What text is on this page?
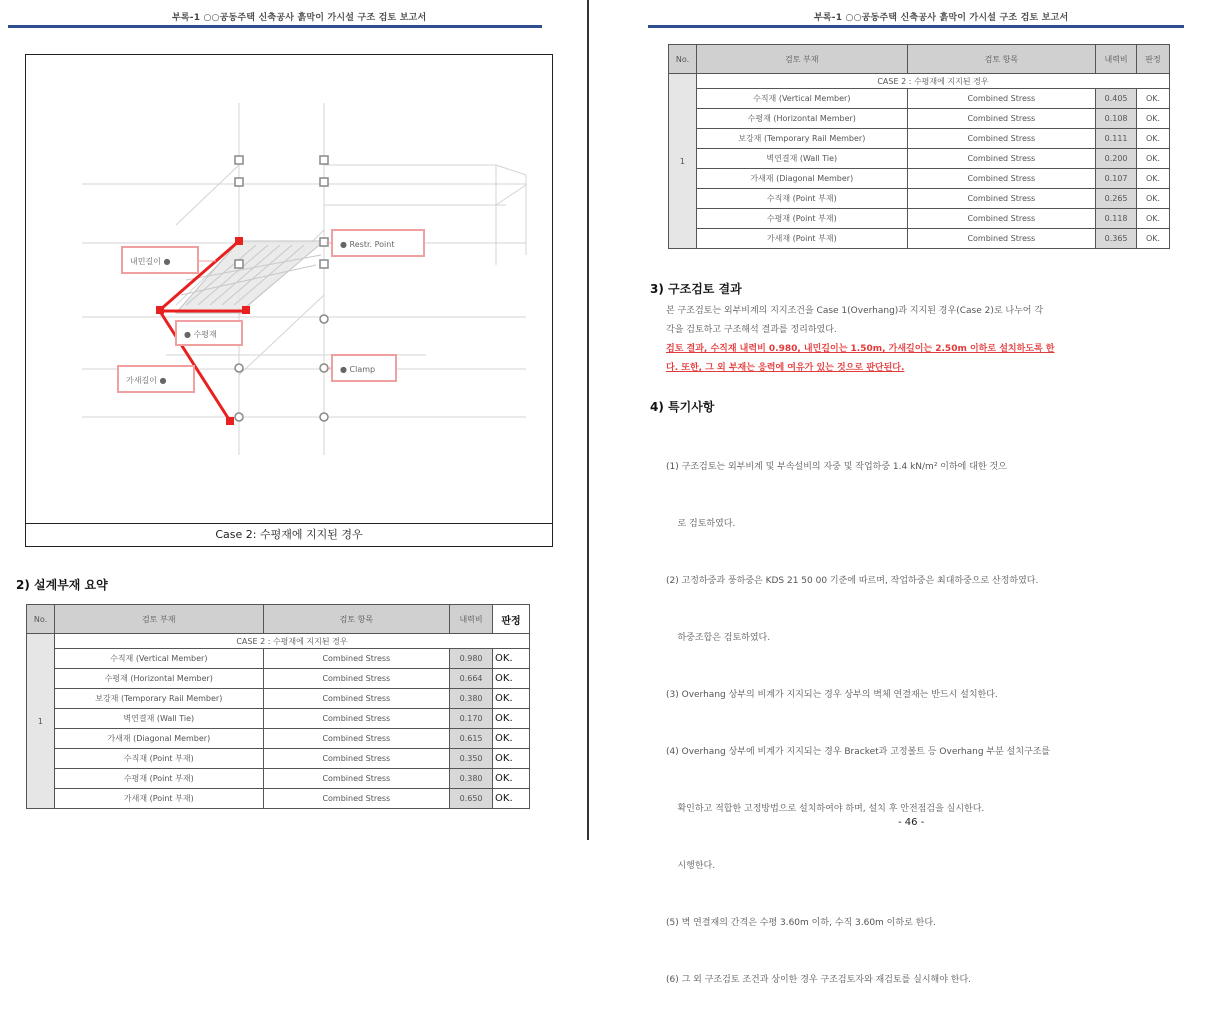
부록-1 ○○공동주택 신축공사 흙막이 가시설 구조 검토 보고서
내민길이 ●
● 수평재
가새길이 ●
● Restr. Point
● Clamp
Case 2: 수평재에 지지된 경우
2) 설계부재 요약
No.	검토 부재	검토 항목	내력비	판정
1	CASE 2 : 수평재에 지지된 경우			
	수직재 (Vertical Member)	Combined Stress	0.980	OK.
	수평재 (Horizontal Member)	Combined Stress	0.664	OK.
	보강재 (Temporary Rail Member)	Combined Stress	0.380	OK.
	벽연결재 (Wall Tie)	Combined Stress	0.170	OK.
	가새재 (Diagonal Member)	Combined Stress	0.615	OK.
	수직재 (Point 부재)	Combined Stress	0.350	OK.
	수평재 (Point 부재)	Combined Stress	0.380	OK.
	가새재 (Point 부재)	Combined Stress	0.650	OK.
부록-1 ○○공동주택 신축공사 흙막이 가시설 구조 검토 보고서
No.	검토 부재	검토 항목	내력비	판정
1	CASE 2 : 수평재에 지지된 경우			
	수직재 (Vertical Member)	Combined Stress	0.405	OK.
	수평재 (Horizontal Member)	Combined Stress	0.108	OK.
	보강재 (Temporary Rail Member)	Combined Stress	0.111	OK.
	벽연결재 (Wall Tie)	Combined Stress	0.200	OK.
	가새재 (Diagonal Member)	Combined Stress	0.107	OK.
	수직재 (Point 부재)	Combined Stress	0.265	OK.
	수평재 (Point 부재)	Combined Stress	0.118	OK.
	가새재 (Point 부재)	Combined Stress	0.365	OK.
3) 구조검토 결과
본 구조검토는 외부비계의 지지조건을 Case 1(Overhang)과 지지된 경우(Case 2)로 나누어 각
각을 검토하고 구조해석 결과를 정리하였다.
검토 결과, 수직재 내력비 0.980, 내민길이는 1.50m, 가새길이는 2.50m 이하로 설치하도록 한
다. 또한, 그 외 부재는 응력에 여유가 있는 것으로 판단된다.
4) 특기사항

(1) 구조검토는 외부비계 및 부속설비의 자중 및 작업하중 1.4 kN/m² 이하에 대한 것으

로 검토하였다.

(2) 고정하중과 풍하중은 KDS 21 50 00 기준에 따르며, 작업하중은 최대하중으로 산정하였다.

하중조합은 검토하였다.

(3) Overhang 상부의 비계가 지지되는 경우 상부의 벽체 연결재는 반드시 설치한다.

(4) Overhang 상부에 비계가 지지되는 경우 Bracket과 고정볼트 등 Overhang 부분 설치구조를

확인하고 적합한 고정방법으로 설치하여야 하며, 설치 후 안전점검을 실시한다.

시행한다.

(5) 벽 연결재의 간격은 수평 3.60m 이하, 수직 3.60m 이하로 한다.

(6) 그 외 구조검토 조건과 상이한 경우 구조검토자와 재검토를 실시해야 한다.

- 46 -
